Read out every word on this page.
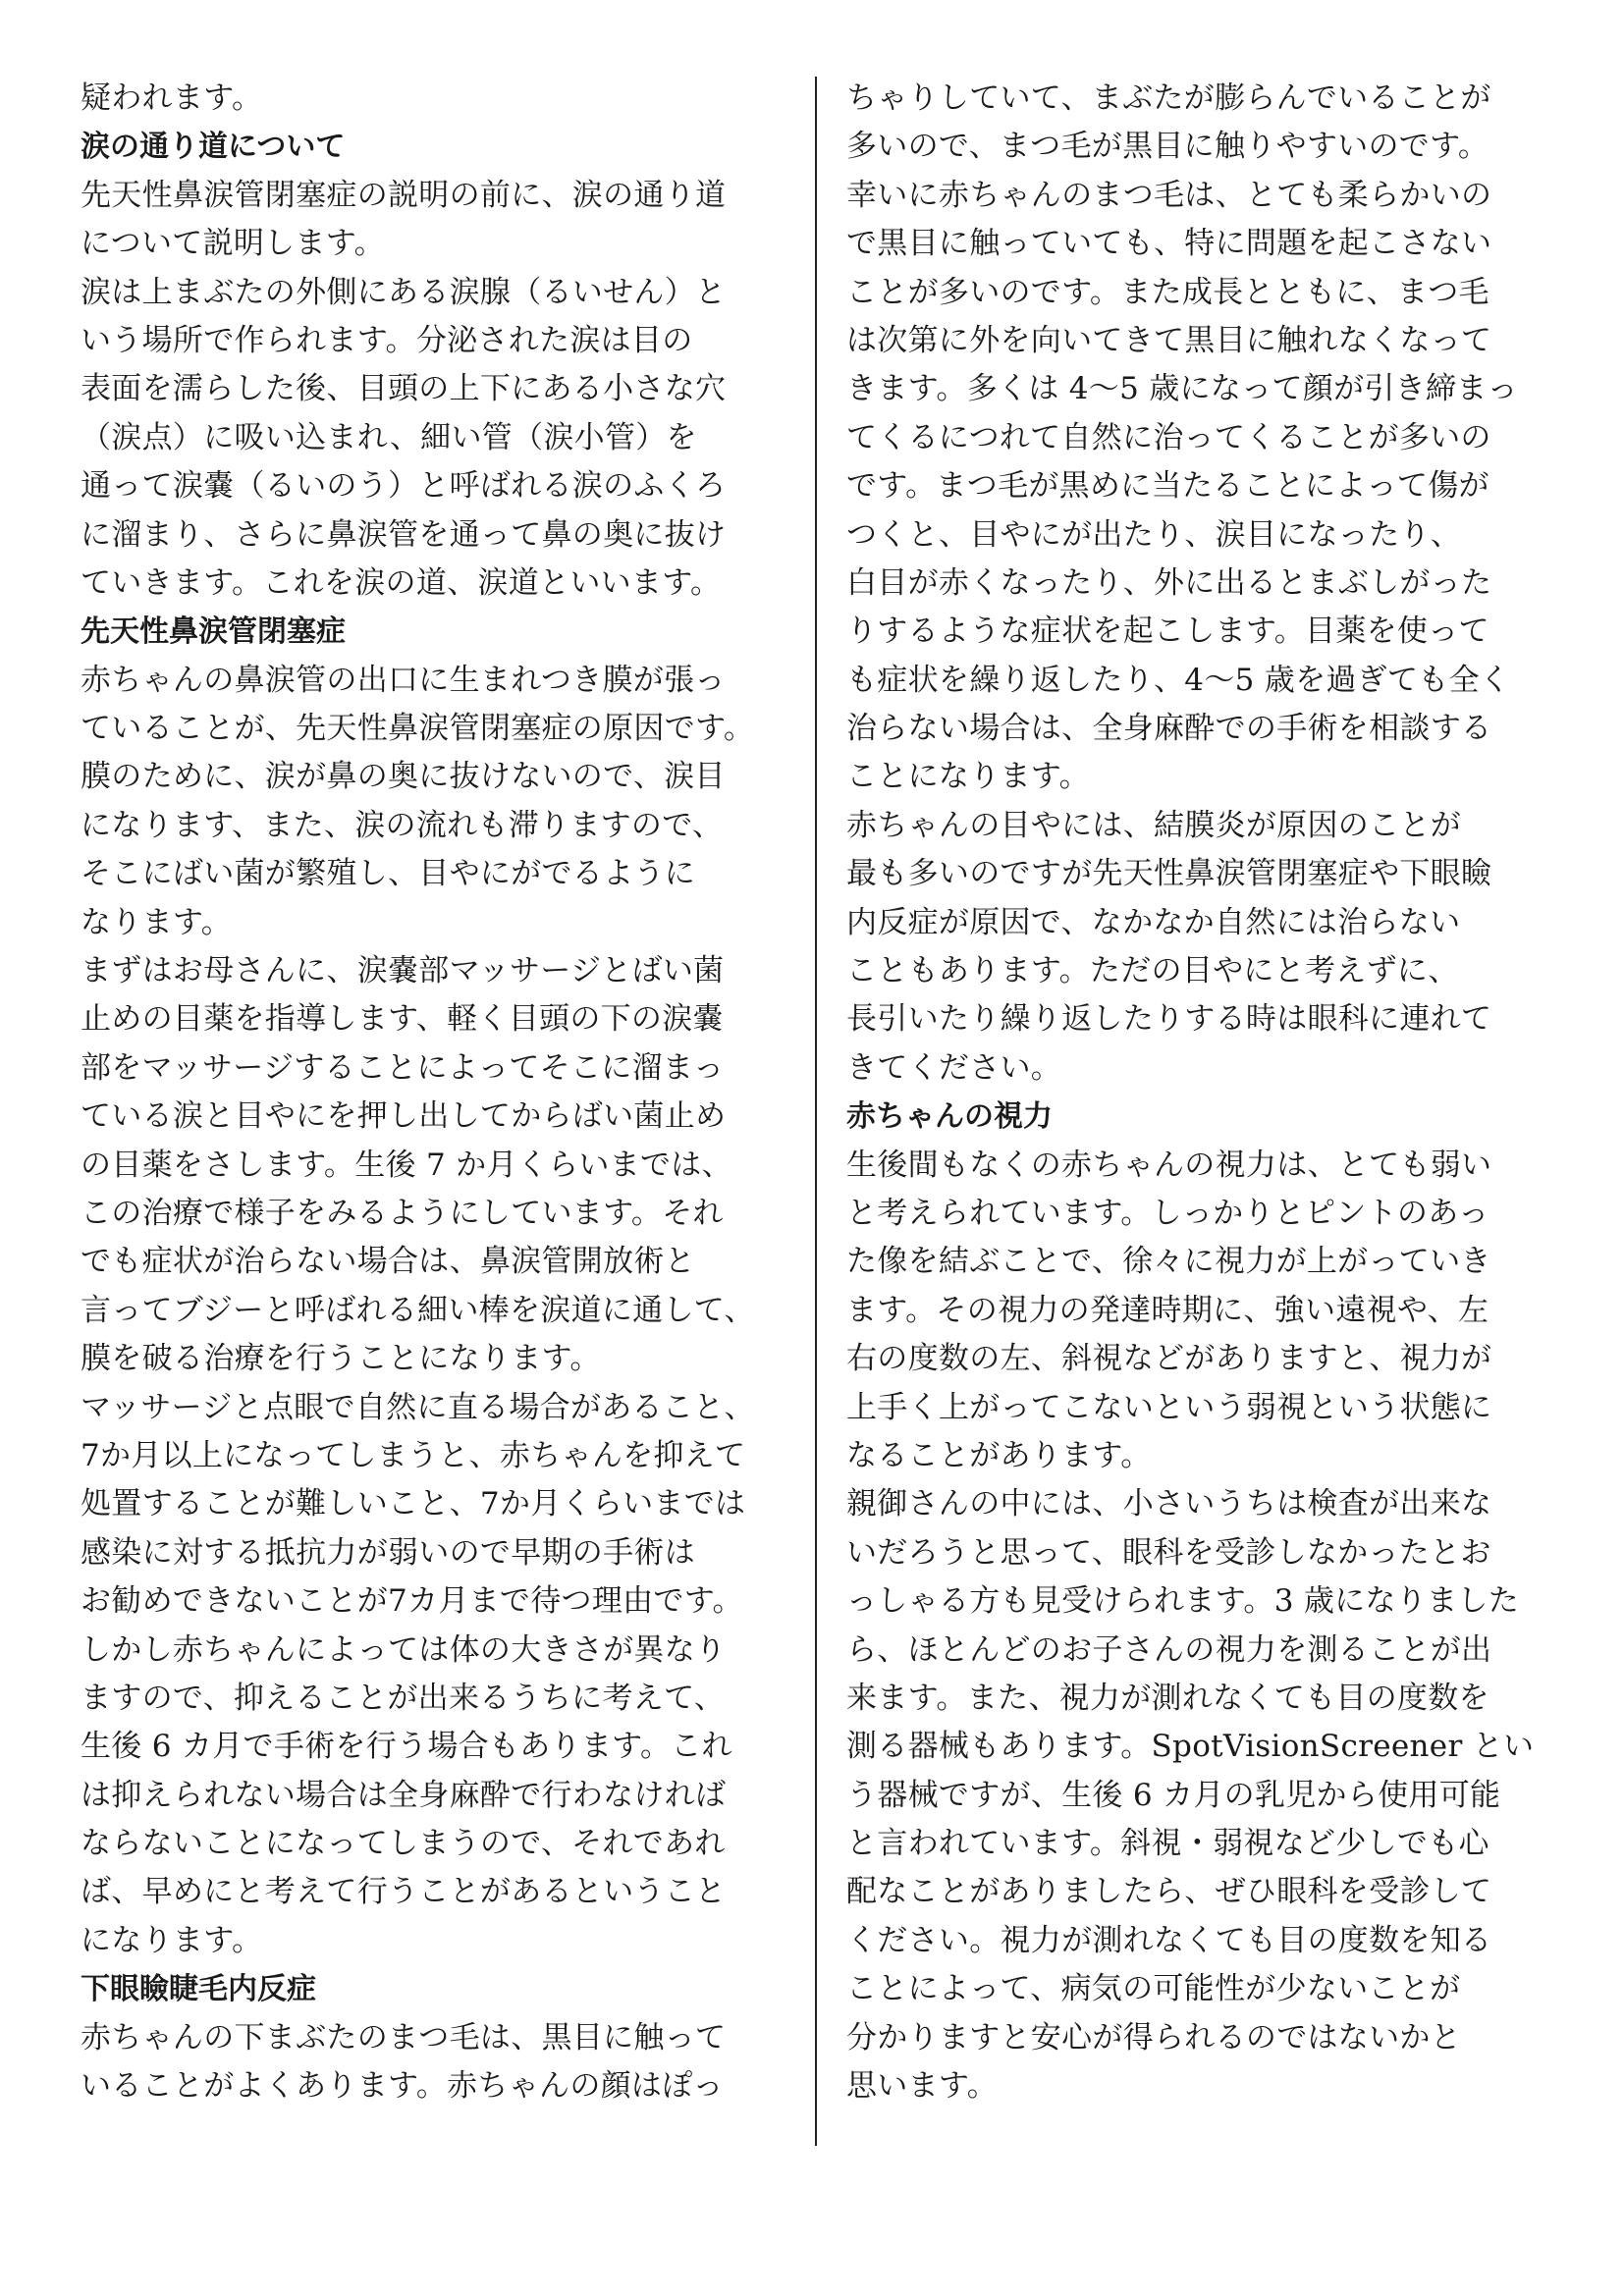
疑われます。
涙の通り道について
先天性鼻涙管閉塞症の説明の前に、涙の通り道
について説明します。
涙は上まぶたの外側にある涙腺（るいせん）と
いう場所で作られます。分泌された涙は目の
表面を濡らした後、目頭の上下にある小さな穴
（涙点）に吸い込まれ、細い管（涙小管）を
通って涙嚢（るいのう）と呼ばれる涙のふくろ
に溜まり、さらに鼻涙管を通って鼻の奥に抜け
ていきます。これを涙の道、涙道といいます。
先天性鼻涙管閉塞症
赤ちゃんの鼻涙管の出口に生まれつき膜が張っ
ていることが、先天性鼻涙管閉塞症の原因です。
膜のために、涙が鼻の奥に抜けないので、涙目
になります、また、涙の流れも滞りますので、
そこにばい菌が繁殖し、目やにがでるように
なります。
まずはお母さんに、涙嚢部マッサージとばい菌
止めの目薬を指導します、軽く目頭の下の涙嚢
部をマッサージすることによってそこに溜まっ
ている涙と目やにを押し出してからばい菌止め
の目薬をさします。生後 7 か月くらいまでは、
この治療で様子をみるようにしています。それ
でも症状が治らない場合は、鼻涙管開放術と
言ってブジーと呼ばれる細い棒を涙道に通して、
膜を破る治療を行うことになります。
マッサージと点眼で自然に直る場合があること、
7か月以上になってしまうと、赤ちゃんを抑えて
処置することが難しいこと、7か月くらいまでは
感染に対する抵抗力が弱いので早期の手術は
お勧めできないことが7カ月まで待つ理由です。
しかし赤ちゃんによっては体の大きさが異なり
ますので、抑えることが出来るうちに考えて、
生後 6 カ月で手術を行う場合もあります。これ
は抑えられない場合は全身麻酔で行わなければ
ならないことになってしまうので、それであれ
ば、早めにと考えて行うことがあるということ
になります。
下眼瞼睫毛内反症
赤ちゃんの下まぶたのまつ毛は、黒目に触って
いることがよくあります。赤ちゃんの顔はぽっ
ちゃりしていて、まぶたが膨らんでいることが
多いので、まつ毛が黒目に触りやすいのです。
幸いに赤ちゃんのまつ毛は、とても柔らかいの
で黒目に触っていても、特に問題を起こさない
ことが多いのです。また成長とともに、まつ毛
は次第に外を向いてきて黒目に触れなくなって
きます。多くは 4～5 歳になって顔が引き締まっ
てくるにつれて自然に治ってくることが多いの
です。まつ毛が黒めに当たることによって傷が
つくと、目やにが出たり、涙目になったり、
白目が赤くなったり、外に出るとまぶしがった
りするような症状を起こします。目薬を使って
も症状を繰り返したり、4～5 歳を過ぎても全く
治らない場合は、全身麻酔での手術を相談する
ことになります。
赤ちゃんの目やには、結膜炎が原因のことが
最も多いのですが先天性鼻涙管閉塞症や下眼瞼
内反症が原因で、なかなか自然には治らない
こともあります。ただの目やにと考えずに、
長引いたり繰り返したりする時は眼科に連れて
きてください。
赤ちゃんの視力
生後間もなくの赤ちゃんの視力は、とても弱い
と考えられています。しっかりとピントのあっ
た像を結ぶことで、徐々に視力が上がっていき
ます。その視力の発達時期に、強い遠視や、左
右の度数の左、斜視などがありますと、視力が
上手く上がってこないという弱視という状態に
なることがあります。
親御さんの中には、小さいうちは検査が出来な
いだろうと思って、眼科を受診しなかったとお
っしゃる方も見受けられます。3 歳になりました
ら、ほとんどのお子さんの視力を測ることが出
来ます。また、視力が測れなくても目の度数を
測る器械もあります。SpotVisionScreener とい
う器械ですが、生後 6 カ月の乳児から使用可能
と言われています。斜視・弱視など少しでも心
配なことがありましたら、ぜひ眼科を受診して
ください。視力が測れなくても目の度数を知る
ことによって、病気の可能性が少ないことが
分かりますと安心が得られるのではないかと
思います。
